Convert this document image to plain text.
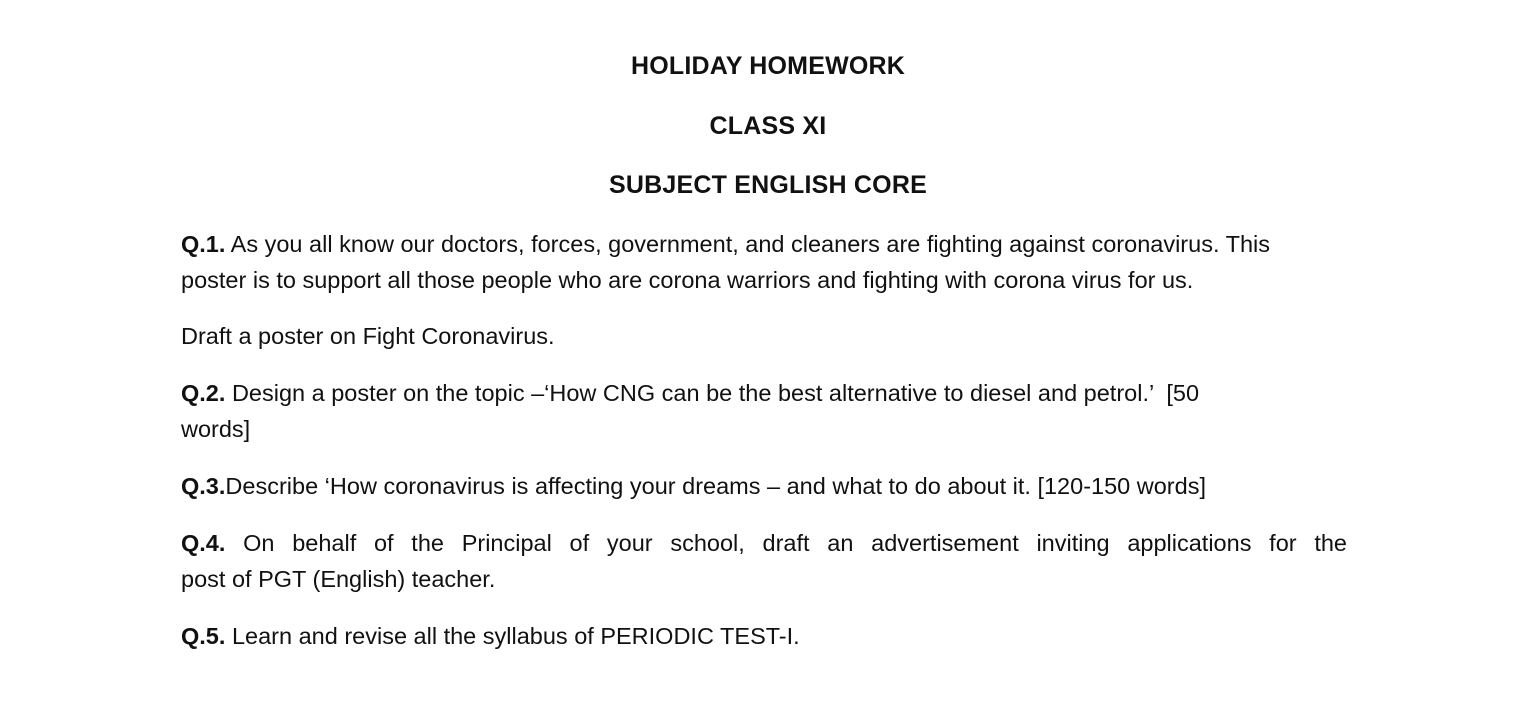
HOLIDAY HOMEWORK
CLASS XI
SUBJECT ENGLISH CORE
Q.1. As you all know our doctors, forces, government, and cleaners are fighting against coronavirus. This
poster is to support all those people who are corona warriors and fighting with corona virus for us.
Draft a poster on Fight Coronavirus.
Q.2. Design a poster on the topic –‘How CNG can be the best alternative to diesel and petrol.’  [50
words]
Q.3.Describe ‘How coronavirus is affecting your dreams – and what to do about it. [120-150 words]
Q.4. On behalf of the Principal of your school, draft an advertisement inviting applications for the
post of PGT (English) teacher.
Q.5. Learn and revise all the syllabus of PERIODIC TEST-I.
